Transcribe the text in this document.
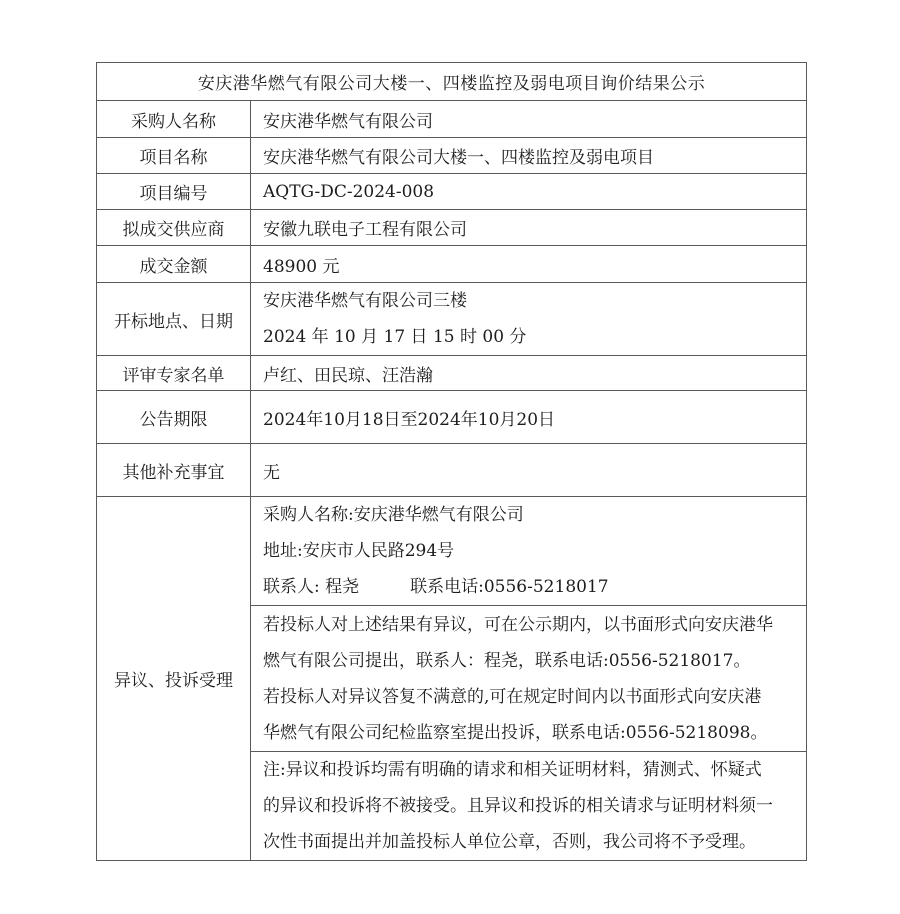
安庆港华燃气有限公司大楼一、四楼监控及弱电项目询价结果公示	
采购人名称	安庆港华燃气有限公司
项目名称	安庆港华燃气有限公司大楼一、四楼监控及弱电项目
项目编号	AQTG-DC-2024-008
拟成交供应商	安徽九联电子工程有限公司
成交金额	48900 元
开标地点、日期	安庆港华燃气有限公司三楼
2024 年 10 月 17 日 15 时 00 分

评审专家名单	卢红、田民琼、汪浩瀚
公告期限	2024年10月18日至2024年10月20日
其他补充事宜	无
异议、投诉受理	采购人名称:安庆港华燃气有限公司
地址:安庆市人民路294号
联系人: 程尧　　　联系电话:0556-5218017

	若投标人对上述结果有异议，可在公示期内，以书面形式向安庆港华
燃气有限公司提出，联系人：程尧，联系电话:0556-5218017。
若投标人对异议答复不满意的,可在规定时间内以书面形式向安庆港
华燃气有限公司纪检监察室提出投诉，联系电话:0556-5218098。

	注:异议和投诉均需有明确的请求和相关证明材料，猜测式、怀疑式
的异议和投诉将不被接受。且异议和投诉的相关请求与证明材料须一
次性书面提出并加盖投标人单位公章，否则，我公司将不予受理。
